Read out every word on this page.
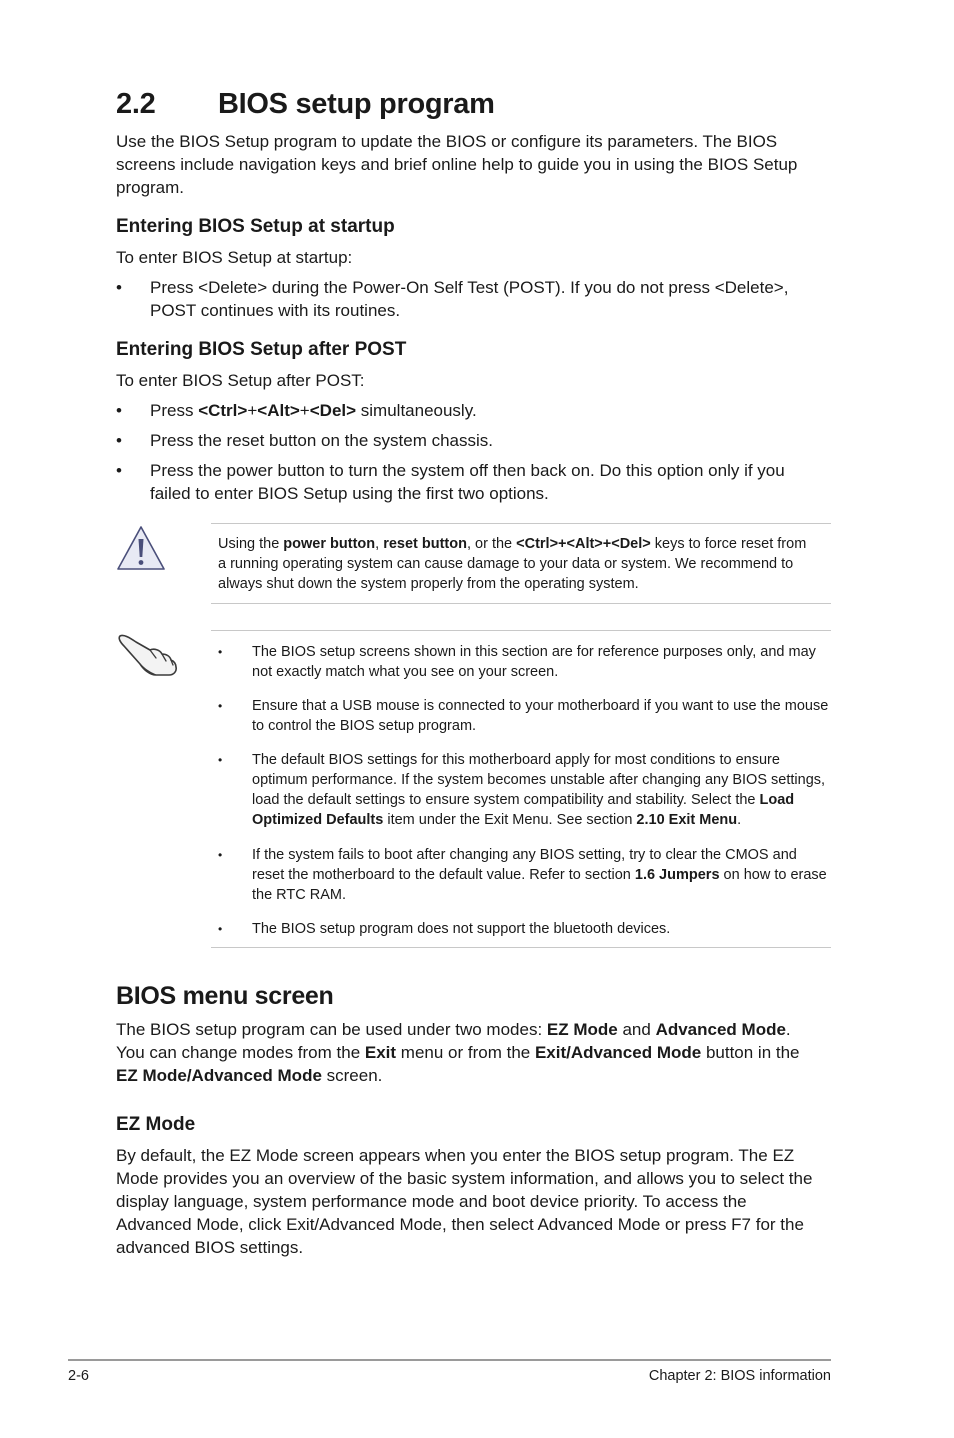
2.2 BIOS setup program

Use the BIOS Setup program to update the BIOS or configure its parameters. The BIOS screens include navigation keys and brief online help to guide you in using the BIOS Setup program.

Entering BIOS Setup at startup

To enter BIOS Setup at startup:

• Press <Delete> during the Power-On Self Test (POST). If you do not press <Delete>, POST continues with its routines.

Entering BIOS Setup after POST

To enter BIOS Setup after POST:

• Press <Ctrl>+<Alt>+<Del> simultaneously.
• Press the reset button on the system chassis.
• Press the power button to turn the system off then back on. Do this option only if you failed to enter BIOS Setup using the first two options.

Using the power button, reset button, or the <Ctrl>+<Alt>+<Del> keys to force reset from a running operating system can cause damage to your data or system. We recommend to always shut down the system properly from the operating system.

• The BIOS setup screens shown in this section are for reference purposes only, and may not exactly match what you see on your screen.
• Ensure that a USB mouse is connected to your motherboard if you want to use the mouse to control the BIOS setup program.
• The default BIOS settings for this motherboard apply for most conditions to ensure optimum performance. If the system becomes unstable after changing any BIOS settings, load the default settings to ensure system compatibility and stability. Select the Load Optimized Defaults item under the Exit Menu. See section 2.10 Exit Menu.
• If the system fails to boot after changing any BIOS setting, try to clear the CMOS and reset the motherboard to the default value. Refer to section 1.6 Jumpers on how to erase the RTC RAM.
• The BIOS setup program does not support the bluetooth devices.
BIOS menu screen

The BIOS setup program can be used under two modes: EZ Mode and Advanced Mode. You can change modes from the Exit menu or from the Exit/Advanced Mode button in the EZ Mode/Advanced Mode screen.

EZ Mode

By default, the EZ Mode screen appears when you enter the BIOS setup program. The EZ Mode provides you an overview of the basic system information, and allows you to select the display language, system performance mode and boot device priority. To access the Advanced Mode, click Exit/Advanced Mode, then select Advanced Mode or press F7 for the advanced BIOS settings.

2-6	Chapter 2: BIOS information
